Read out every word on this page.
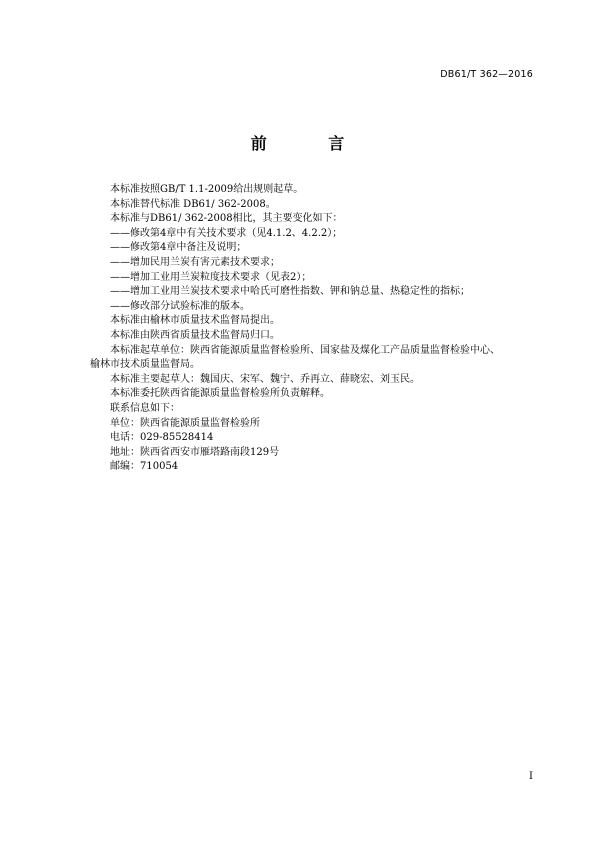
DB61/T 362—2016
前 言

本标准按照GB/T 1.1-2009给出规则起草。

本标准替代标准 DB61/ 362-2008。

本标准与DB61/ 362-2008相比，其主要变化如下：

——修改第4章中有关技术要求（见4.1.2、4.2.2）；

——修改第4章中备注及说明；

——增加民用兰炭有害元素技术要求；

——增加工业用兰炭粒度技术要求（见表2）；

——增加工业用兰炭技术要求中哈氏可磨性指数、钾和钠总量、热稳定性的指标；

——修改部分试验标准的版本。

本标准由榆林市质量技术监督局提出。

本标准由陕西省质量技术监督局归口。

本标准起草单位：陕西省能源质量监督检验所、国家盐及煤化工产品质量监督检验中心、榆林市技术质量监督局。

本标准主要起草人：魏国庆、宋军、魏宁、乔再立、薛晓宏、刘玉民。

本标准委托陕西省能源质量监督检验所负责解释。

联系信息如下：

单位：陕西省能源质量监督检验所

电话：029-85528414

地址：陕西省西安市雁塔路南段129号

邮编：710054

I
